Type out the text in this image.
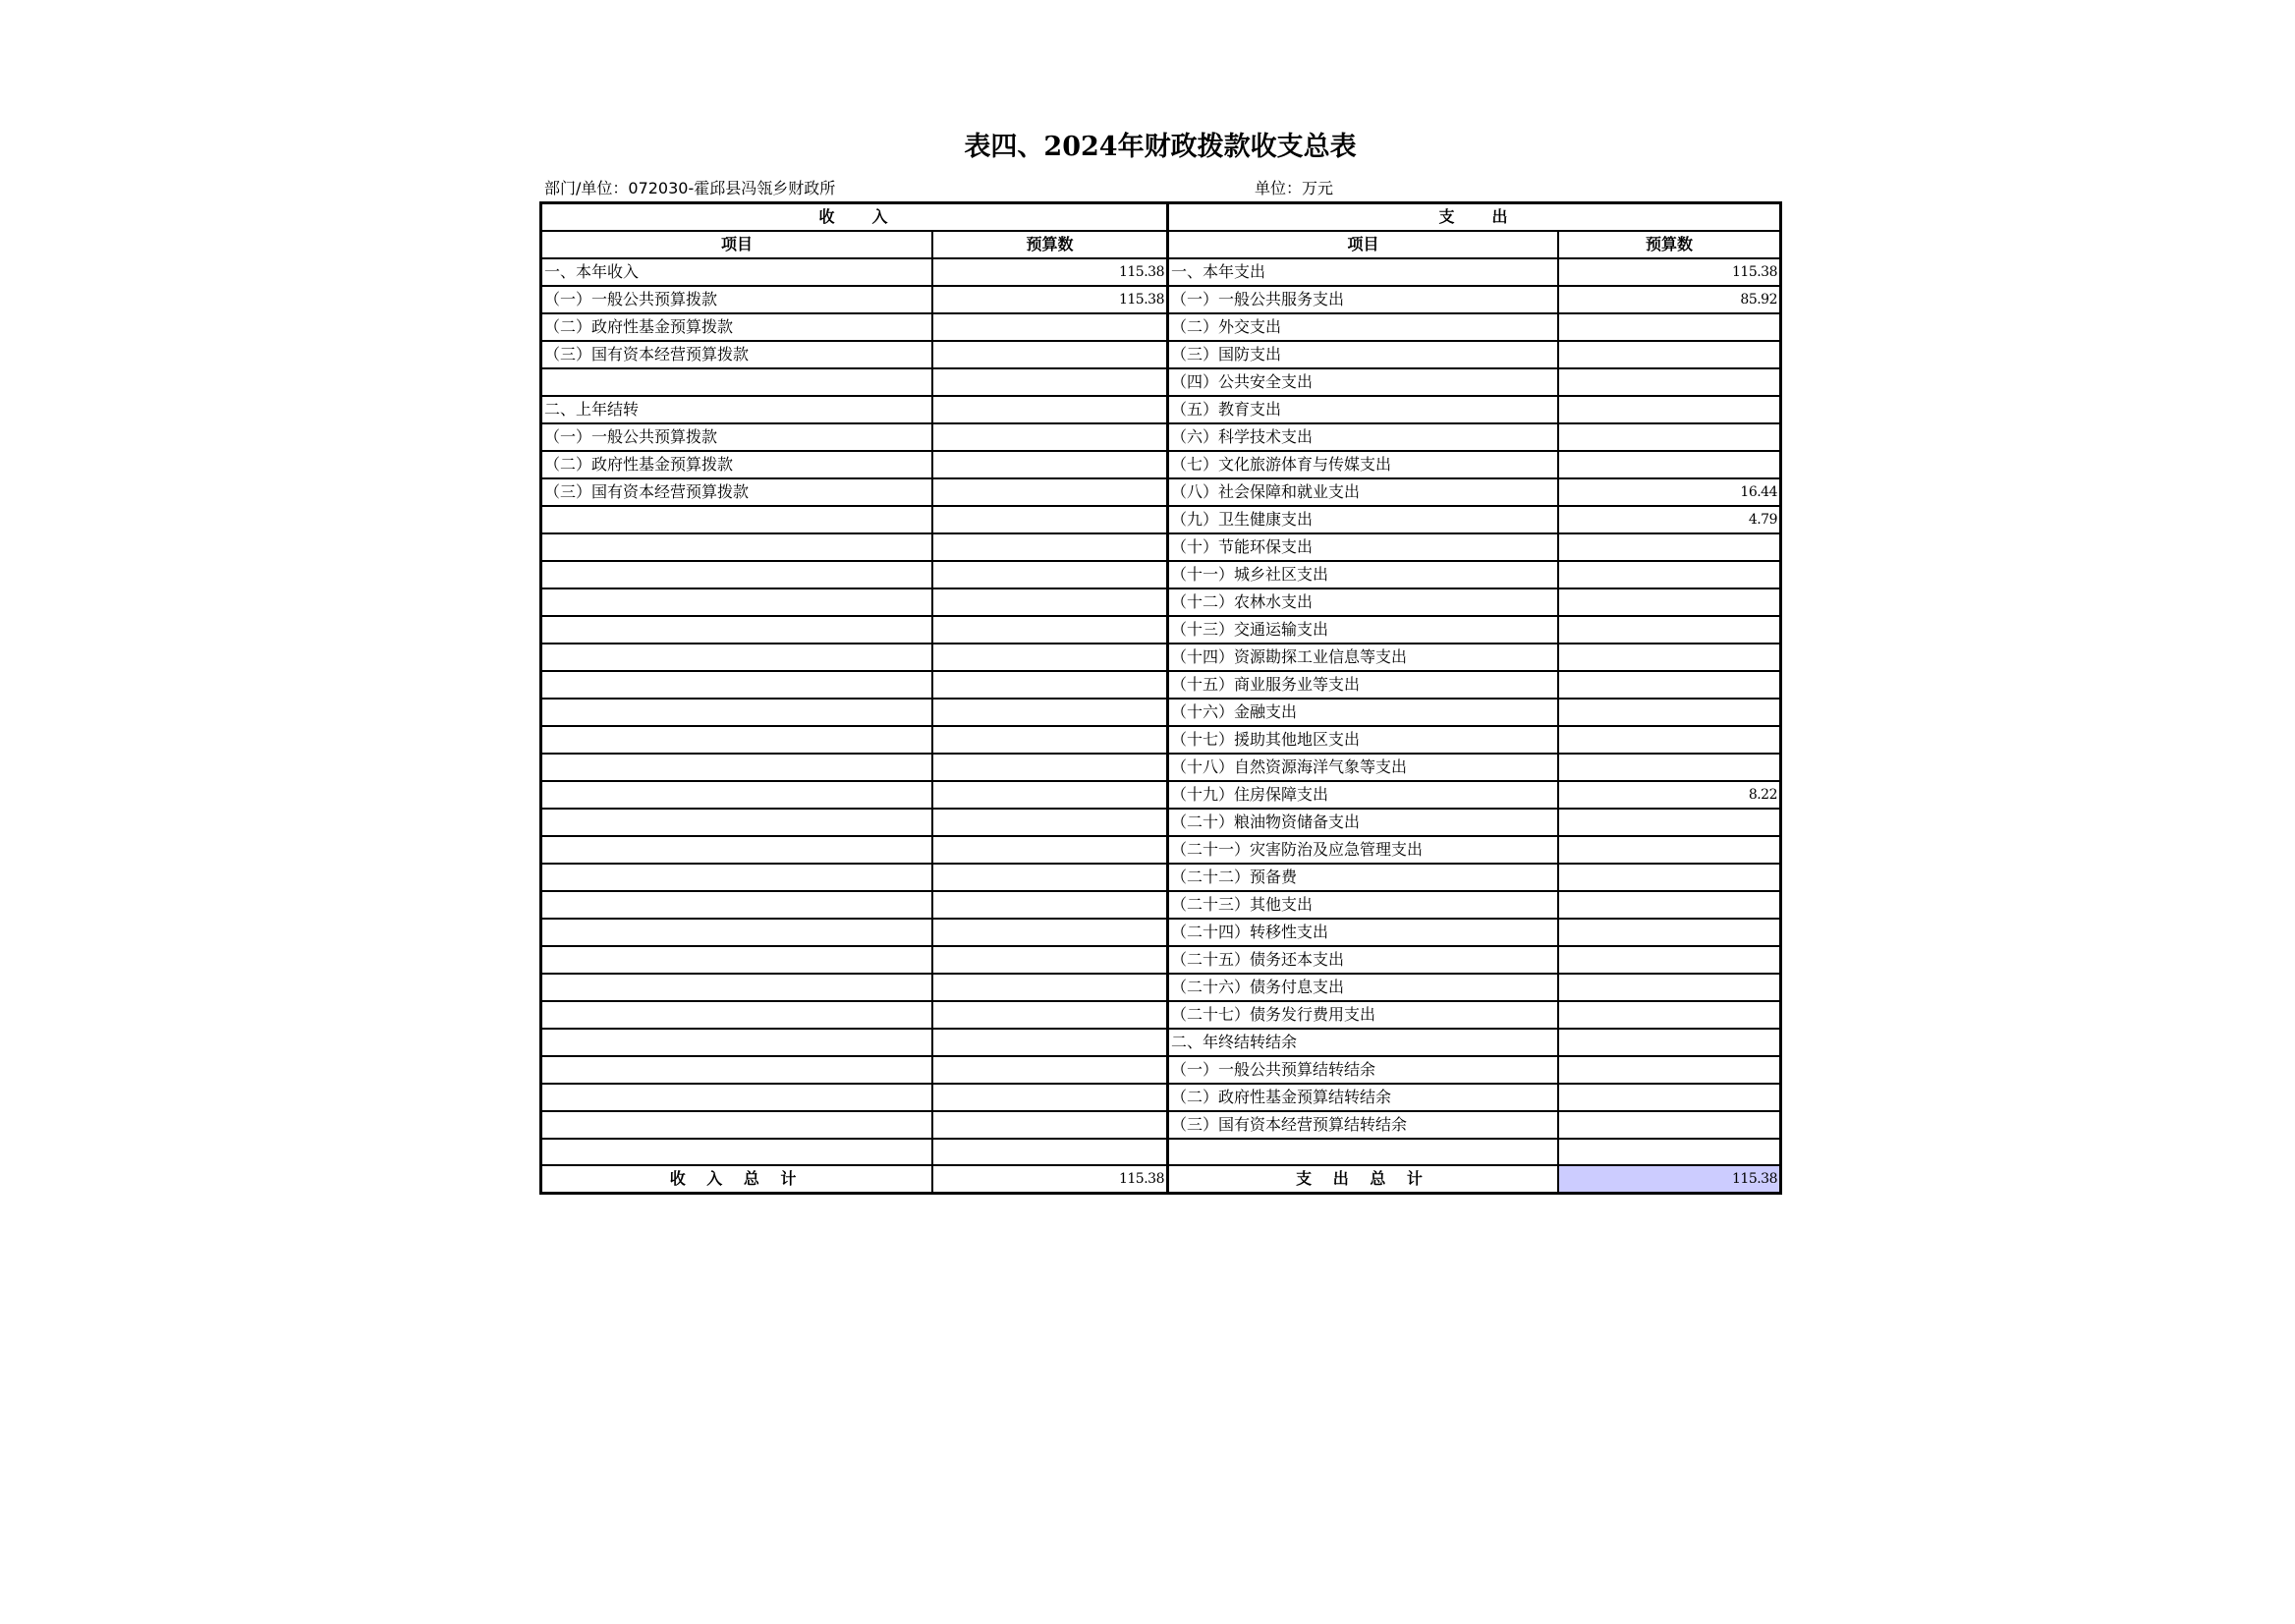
表四、2024年财政拨款收支总表
部门/单位：072030-霍邱县冯瓴乡财政所	单位：万元
收　　入		支　　出	
项目	预算数	项目	预算数
一、本年收入	115.38	一、本年支出	115.38
（一）一般公共预算拨款	115.38	（一）一般公共服务支出	85.92
（二）政府性基金预算拨款		（二）外交支出	
（三）国有资本经营预算拨款		（三）国防支出	
		（四）公共安全支出	
二、上年结转		（五）教育支出	
（一）一般公共预算拨款		（六）科学技术支出	
（二）政府性基金预算拨款		（七）文化旅游体育与传媒支出	
（三）国有资本经营预算拨款		（八）社会保障和就业支出	16.44
		（九）卫生健康支出	4.79
		（十）节能环保支出	
		（十一）城乡社区支出	
		（十二）农林水支出	
		（十三）交通运输支出	
		（十四）资源勘探工业信息等支出	
		（十五）商业服务业等支出	
		（十六）金融支出	
		（十七）援助其他地区支出	
		（十八）自然资源海洋气象等支出	
		（十九）住房保障支出	8.22
		（二十）粮油物资储备支出	
		（二十一）灾害防治及应急管理支出	
		（二十二）预备费	
		（二十三）其他支出	
		（二十四）转移性支出	
		（二十五）债务还本支出	
		（二十六）债务付息支出	
		（二十七）债务发行费用支出	
		二、年终结转结余	
		（一）一般公共预算结转结余	
		（二）政府性基金预算结转结余	
		（三）国有资本经营预算结转结余	

收 入 总 计	115.38	支 出 总 计	115.38
